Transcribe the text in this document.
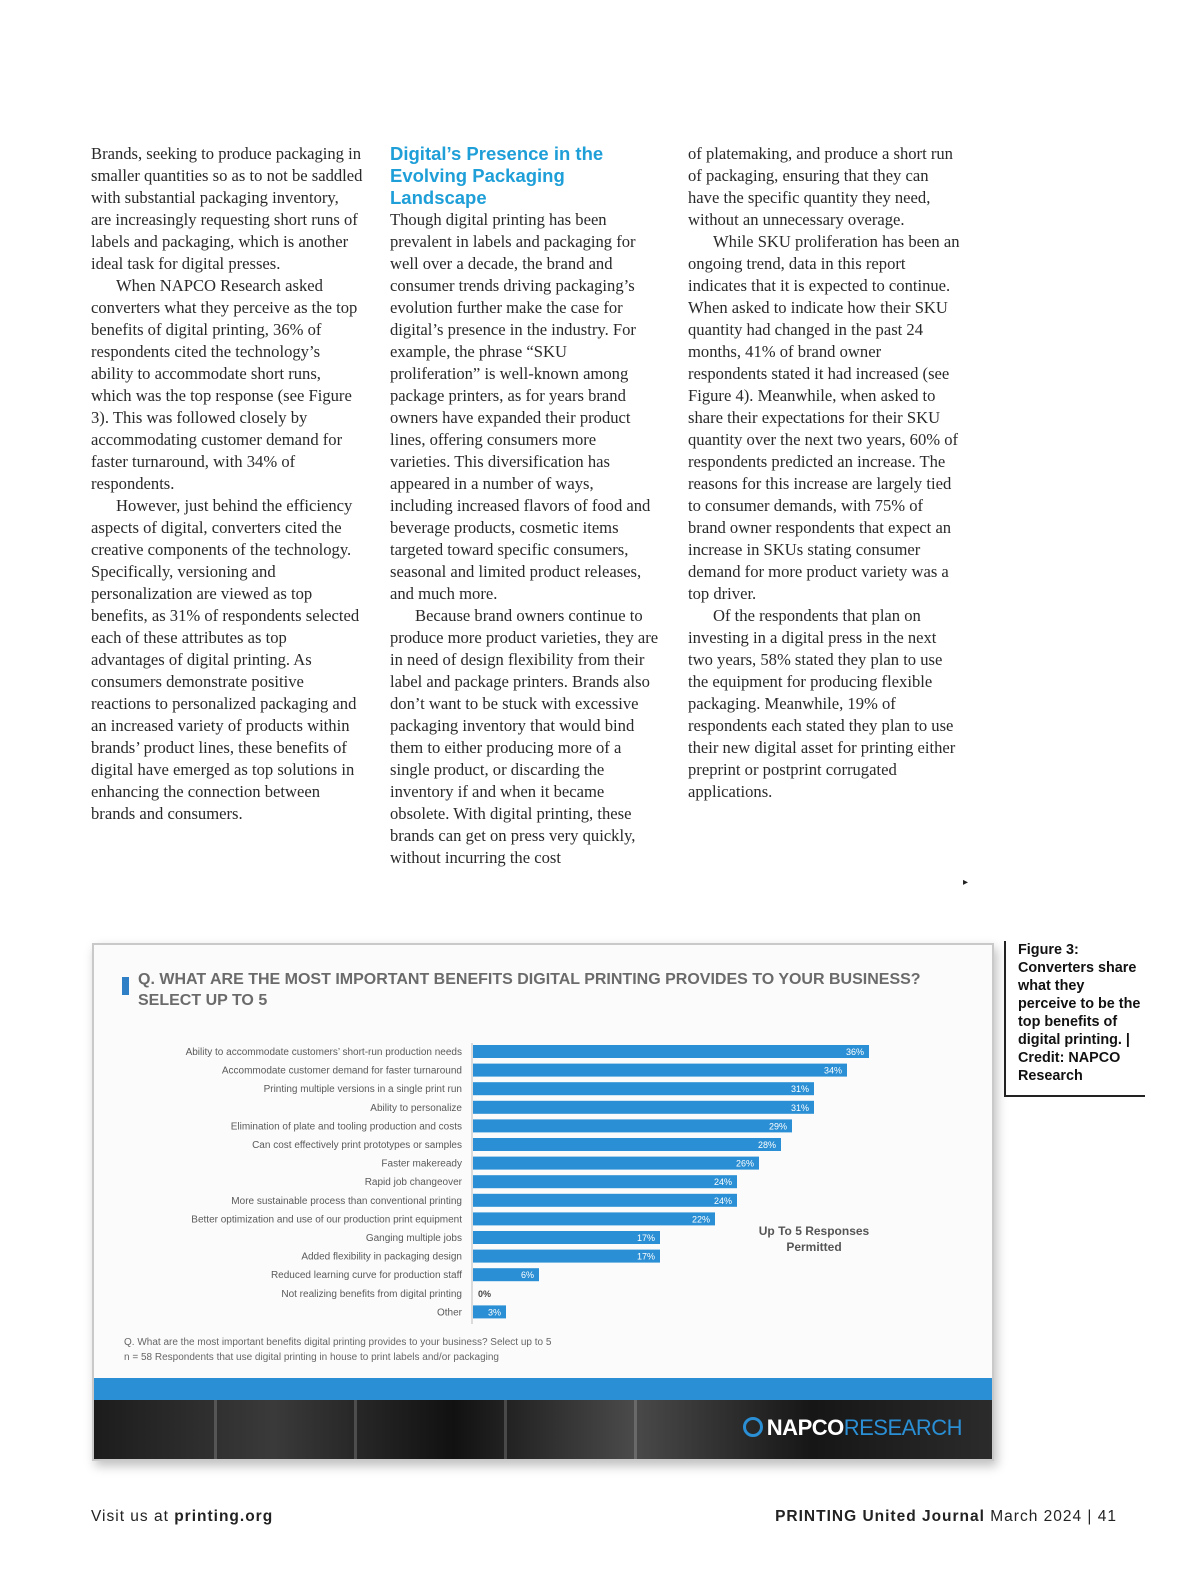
Brands, seeking to produce packaging in smaller quantities so as to not be saddled with substantial packaging inventory, are increasingly requesting short runs of labels and packaging, which is another ideal task for digital presses.

When NAPCO Research asked converters what they perceive as the top benefits of digital printing, 36% of respondents cited the technology’s ability to accommodate short runs, which was the top response (see Figure 3). This was followed closely by accommodating customer demand for faster turnaround, with 34% of respondents.

However, just behind the efficiency aspects of digital, converters cited the creative components of the technology. Specifically, versioning and personalization are viewed as top benefits, as 31% of respondents selected each of these attributes as top advantages of digital printing. As consumers demonstrate positive reactions to personalized packaging and an increased variety of products within brands’ product lines, these benefits of digital have emerged as top solutions in enhancing the connection between brands and consumers.

Digital’s Presence in the Evolving Packaging Landscape

Though digital printing has been prevalent in labels and packaging for well over a decade, the brand and consumer trends driving packaging’s evolution further make the case for digital’s presence in the industry. For example, the phrase “SKU proliferation” is well-known among package printers, as for years brand owners have expanded their product lines, offering consumers more varieties. This diversification has appeared in a number of ways, including increased flavors of food and beverage products, cosmetic items targeted toward specific consumers, seasonal and limited product releases, and much more.

Because brand owners continue to produce more product varieties, they are in need of design flexibility from their label and package printers. Brands also don’t want to be stuck with excessive packaging inventory that would bind them to either producing more of a single product, or discarding the inventory if and when it became obsolete. With digital printing, these brands can get on press very quickly, without incurring the cost

of platemaking, and produce a short run of packaging, ensuring that they can have the specific quantity they need, without an unnecessary overage.

While SKU proliferation has been an ongoing trend, data in this report indicates that it is expected to continue. When asked to indicate how their SKU quantity had changed in the past 24 months, 41% of brand owner respondents stated it had increased (see Figure 4). Meanwhile, when asked to share their expectations for their SKU quantity over the next two years, 60% of respondents predicted an increase. The reasons for this increase are largely tied to consumer demands, with 75% of brand owner respondents that expect an increase in SKUs stating consumer demand for more product variety was a top driver.

Of the respondents that plan on investing in a digital press in the next two years, 58% stated they plan to use the equipment for producing flexible packaging. Meanwhile, 19% of respondents each stated they plan to use their new digital asset for printing either preprint or postprint corrugated applications.

▸
Q. WHAT ARE THE MOST IMPORTANT BENEFITS DIGITAL PRINTING PROVIDES TO YOUR BUSINESS? SELECT UP TO 5
Ability to accommodate customers’ short-run production needs	36%
Accommodate customer demand for faster turnaround	34%
Printing multiple versions in a single print run	31%
Ability to personalize	31%
Elimination of plate and tooling production and costs	29%
Can cost effectively print prototypes or samples	28%
Faster makeready	26%
Rapid job changeover	24%
More sustainable process than conventional printing	24%
Better optimization and use of our production print equipment	22%
Ganging multiple jobs	17%
Added flexibility in packaging design	17%
Reduced learning curve for production staff	6%
Not realizing benefits from digital printing 0%
Other	3%
Up To 5 Responses Permitted
Q. What are the most important benefits digital printing provides to your business? Select up to 5
n = 58 Respondents that use digital printing in house to print labels and/or packaging
NAPCORESEARCH
Figure 3: Converters share what they perceive to be the top benefits of digital printing. | Credit: NAPCO Research
Visit us at printing.org	PRINTING United Journal March 2024 | 41
